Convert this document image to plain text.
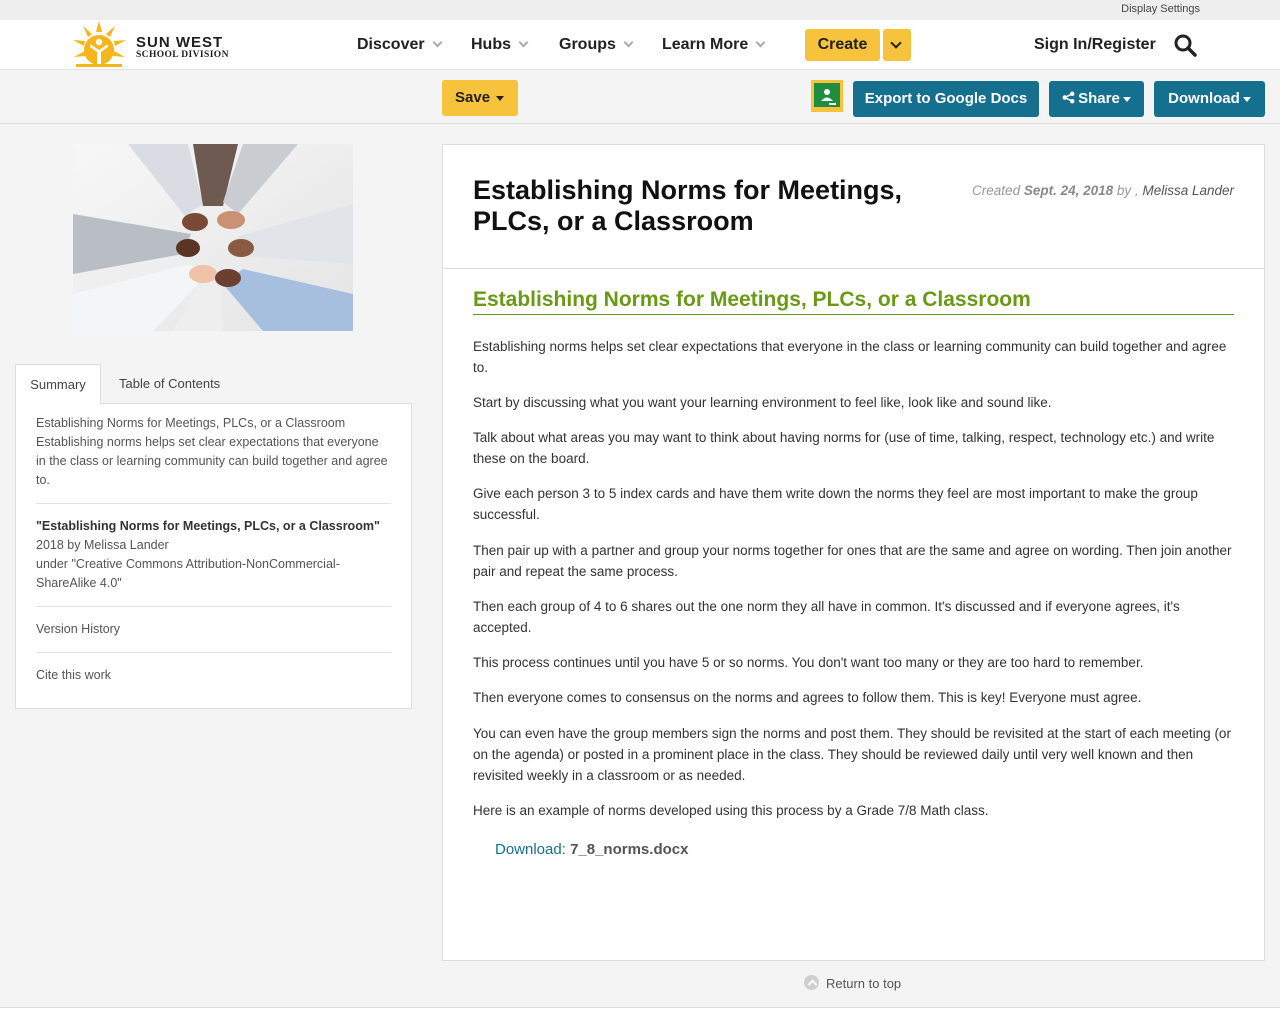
Display Settings
SUN WEST
SCHOOL DIVISION
Discover	Hubs	Groups	Learn More	Create	Sign In/Register
Save	Export to Google Docs	Share	Download
Summary	Table of Contents
Establishing Norms for Meetings, PLCs, or a Classroom
Establishing norms helps set clear expectations that everyone in the class or learning community can build together and agree to.
"Establishing Norms for Meetings, PLCs, or a Classroom"
2018 by Melissa Lander
under "Creative Commons Attribution-NonCommercial-ShareAlike 4.0"
Version History
Cite this work
Establishing Norms for Meetings, PLCs, or a Classroom
Created Sept. 24, 2018 by , Melissa Lander
Establishing Norms for Meetings, PLCs, or a Classroom

Establishing norms helps set clear expectations that everyone in the class or learning community can build together and agree to.

Start by discussing what you want your learning environment to feel like, look like and sound like.

Talk about what areas you may want to think about having norms for (use of time, talking, respect, technology etc.) and write these on the board.

Give each person 3 to 5 index cards and have them write down the norms they feel are most important to make the group successful.

Then pair up with a partner and group your norms together for ones that are the same and agree on wording. Then join another pair and repeat the same process.

Then each group of 4 to 6 shares out the one norm they all have in common. It's discussed and if everyone agrees, it's accepted.

This process continues until you have 5 or so norms. You don't want too many or they are too hard to remember.

Then everyone comes to consensus on the norms and agrees to follow them. This is key! Everyone must agree.

You can even have the group members sign the norms and post them. They should be revisited at the start of each meeting (or on the agenda) or posted in a prominent place in the class. They should be reviewed daily until very well known and then revisited weekly in a classroom or as needed.

Here is an example of norms developed using this process by a Grade 7/8 Math class.

Download: 7_8_norms.docx
Return to top
